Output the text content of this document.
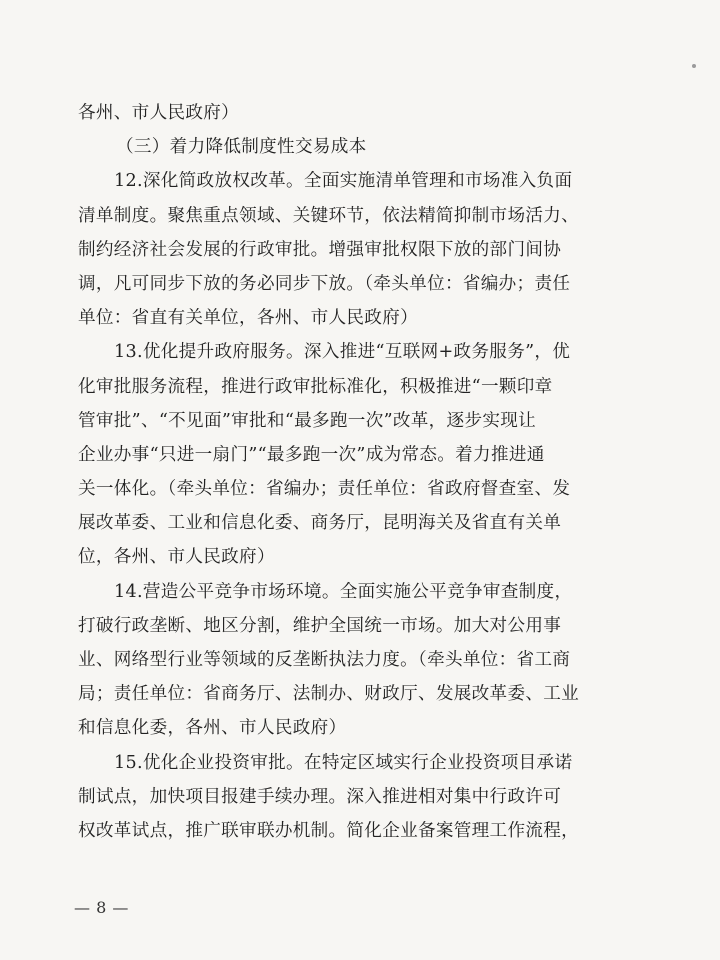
各州、市人民政府）
（三）着力降低制度性交易成本
12.深化简政放权改革。全面实施清单管理和市场准入负面
清单制度。聚焦重点领域、关键环节，依法精简抑制市场活力、
制约经济社会发展的行政审批。增强审批权限下放的部门间协
调，凡可同步下放的务必同步下放。（牵头单位：省编办；责任
单位：省直有关单位，各州、市人民政府）
13.优化提升政府服务。深入推进“互联网+政务服务”，优
化审批服务流程，推进行政审批标准化，积极推进“一颗印章
管审批”、“不见面”审批和“最多跑一次”改革，逐步实现让
企业办事“只进一扇门”“最多跑一次”成为常态。着力推进通
关一体化。（牵头单位：省编办；责任单位：省政府督查室、发
展改革委、工业和信息化委、商务厅，昆明海关及省直有关单
位，各州、市人民政府）
14.营造公平竞争市场环境。全面实施公平竞争审查制度，
打破行政垄断、地区分割，维护全国统一市场。加大对公用事
业、网络型行业等领域的反垄断执法力度。（牵头单位：省工商
局；责任单位：省商务厅、法制办、财政厅、发展改革委、工业
和信息化委，各州、市人民政府）
15.优化企业投资审批。在特定区域实行企业投资项目承诺
制试点，加快项目报建手续办理。深入推进相对集中行政许可
权改革试点，推广联审联办机制。简化企业备案管理工作流程，
— 8 —
